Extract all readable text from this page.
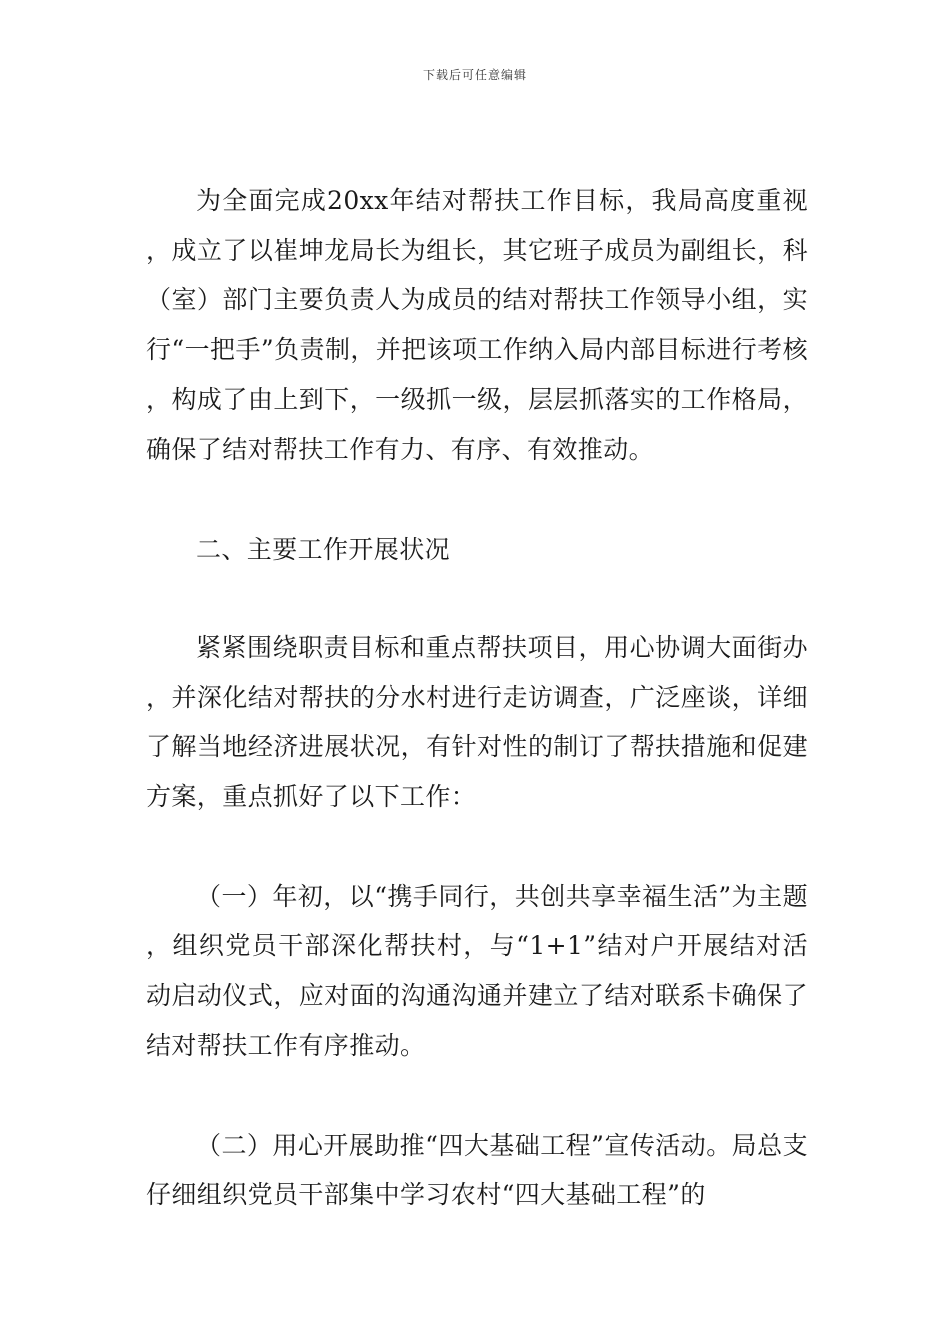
下载后可任意编辑

为全面完成20xx年结对帮扶工作目标，我局高度重视，成立了以崔坤龙局长为组长，其它班子成员为副组长，科（室）部门主要负责人为成员的结对帮扶工作领导小组，实行“一把手”负责制，并把该项工作纳入局内部目标进行考核，构成了由上到下，一级抓一级，层层抓落实的工作格局，确保了结对帮扶工作有力、有序、有效推动。

二、主要工作开展状况

紧紧围绕职责目标和重点帮扶项目，用心协调大面街办，并深化结对帮扶的分水村进行走访调查，广泛座谈，详细了解当地经济进展状况，有针对性的制订了帮扶措施和促建方案，重点抓好了以下工作：

（一）年初，以“携手同行，共创共享幸福生活”为主题，组织党员干部深化帮扶村，与“1+1”结对户开展结对活动启动仪式，应对面的沟通沟通并建立了结对联系卡确保了结对帮扶工作有序推动。

（二）用心开展助推“四大基础工程”宣传活动。局总支仔细组织党员干部集中学习农村“四大基础工程”的
